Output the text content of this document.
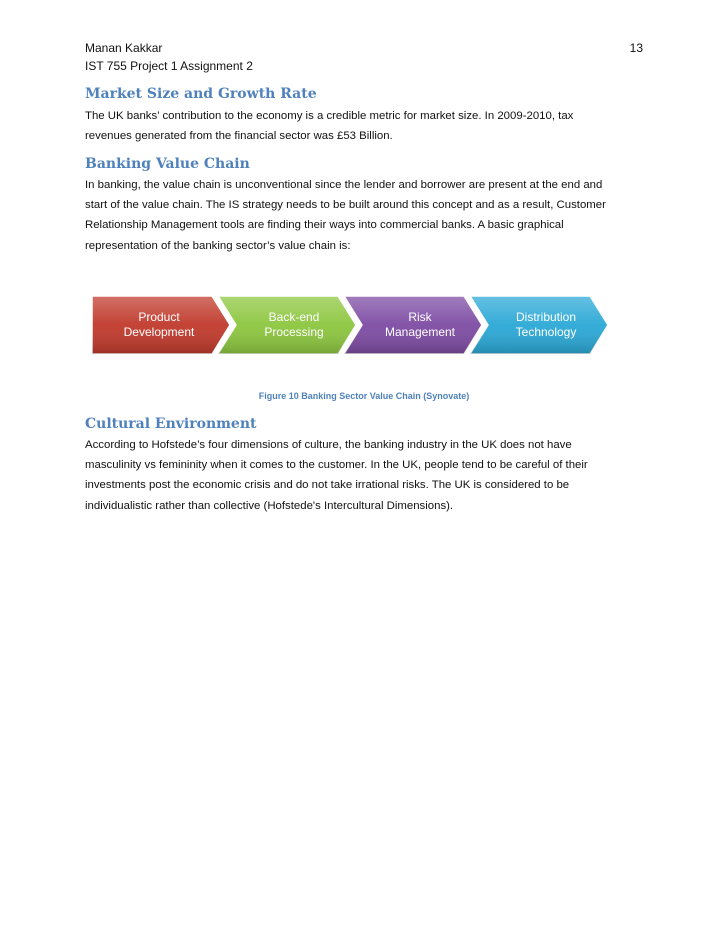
Manan Kakkar
IST 755 Project 1 Assignment 2
13
Market Size and Growth Rate
The UK banks’ contribution to the economy is a credible metric for market size. In 2009-2010, tax
revenues generated from the financial sector was £53 Billion.
Banking Value Chain
In banking, the value chain is unconventional since the lender and borrower are present at the end and
start of the value chain. The IS strategy needs to be built around this concept and as a result, Customer
Relationship Management tools are finding their ways into commercial banks. A basic graphical
representation of the banking sector’s value chain is:
Product
Development
Back-end
Processing
Risk
Management
Distribution
Technology
Figure 10 Banking Sector Value Chain (Synovate)
Cultural Environment
According to Hofstede’s four dimensions of culture, the banking industry in the UK does not have
masculinity vs femininity when it comes to the customer. In the UK, people tend to be careful of their
investments post the economic crisis and do not take irrational risks. The UK is considered to be
individualistic rather than collective (Hofstede's Intercultural Dimensions).
